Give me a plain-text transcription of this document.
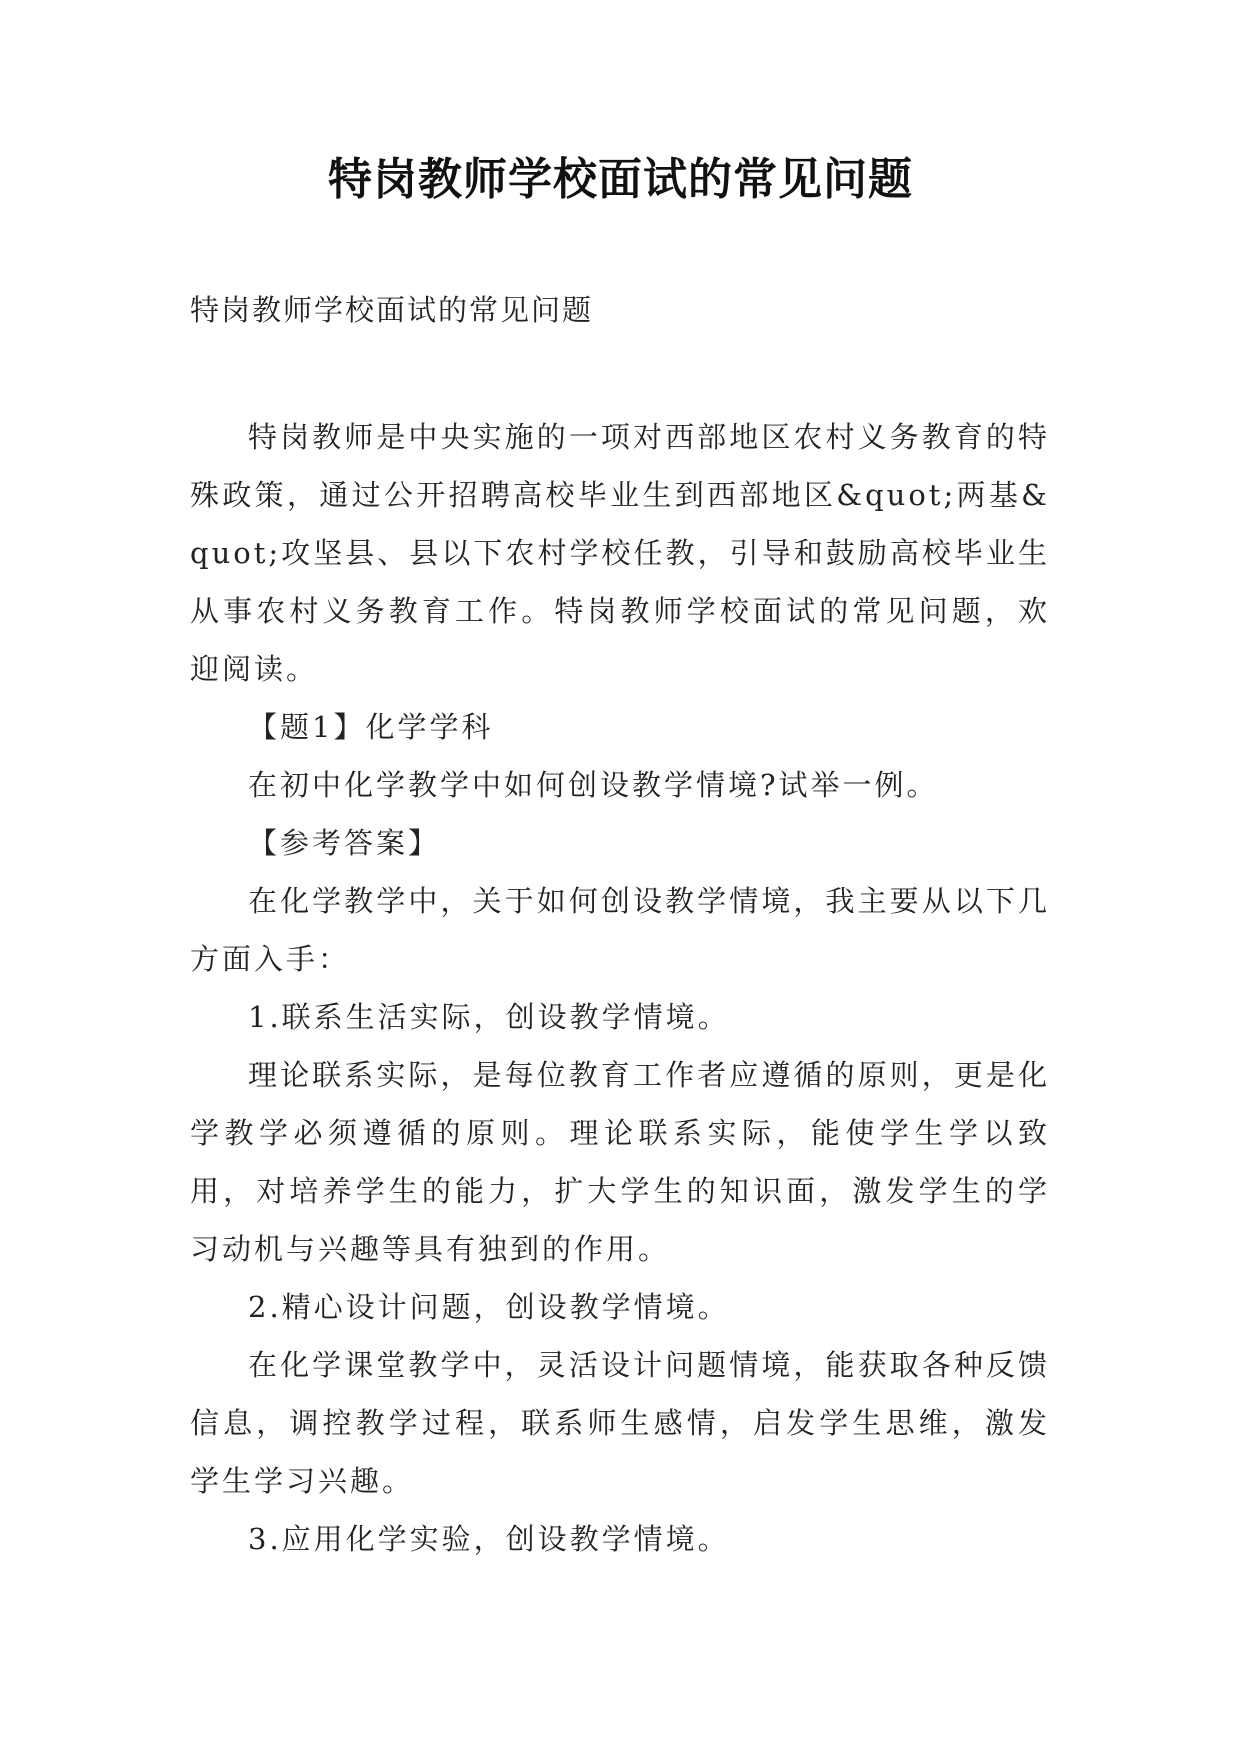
特岗教师学校面试的常见问题

特岗教师学校面试的常见问题

特岗教师是中央实施的一项对西部地区农村义务教育的特殊政策，通过公开招聘高校毕业生到西部地区&quot;两基&quot;攻坚县、县以下农村学校任教，引导和鼓励高校毕业生从事农村义务教育工作。特岗教师学校面试的常见问题，欢迎阅读。

【题1】化学学科

在初中化学教学中如何创设教学情境?试举一例。

【参考答案】

在化学教学中，关于如何创设教学情境，我主要从以下几方面入手：

1.联系生活实际，创设教学情境。

理论联系实际，是每位教育工作者应遵循的原则，更是化学教学必须遵循的原则。理论联系实际，能使学生学以致用，对培养学生的能力，扩大学生的知识面，激发学生的学习动机与兴趣等具有独到的作用。

2.精心设计问题，创设教学情境。

在化学课堂教学中，灵活设计问题情境，能获取各种反馈信息，调控教学过程，联系师生感情，启发学生思维，激发学生学习兴趣。

3.应用化学实验，创设教学情境。
